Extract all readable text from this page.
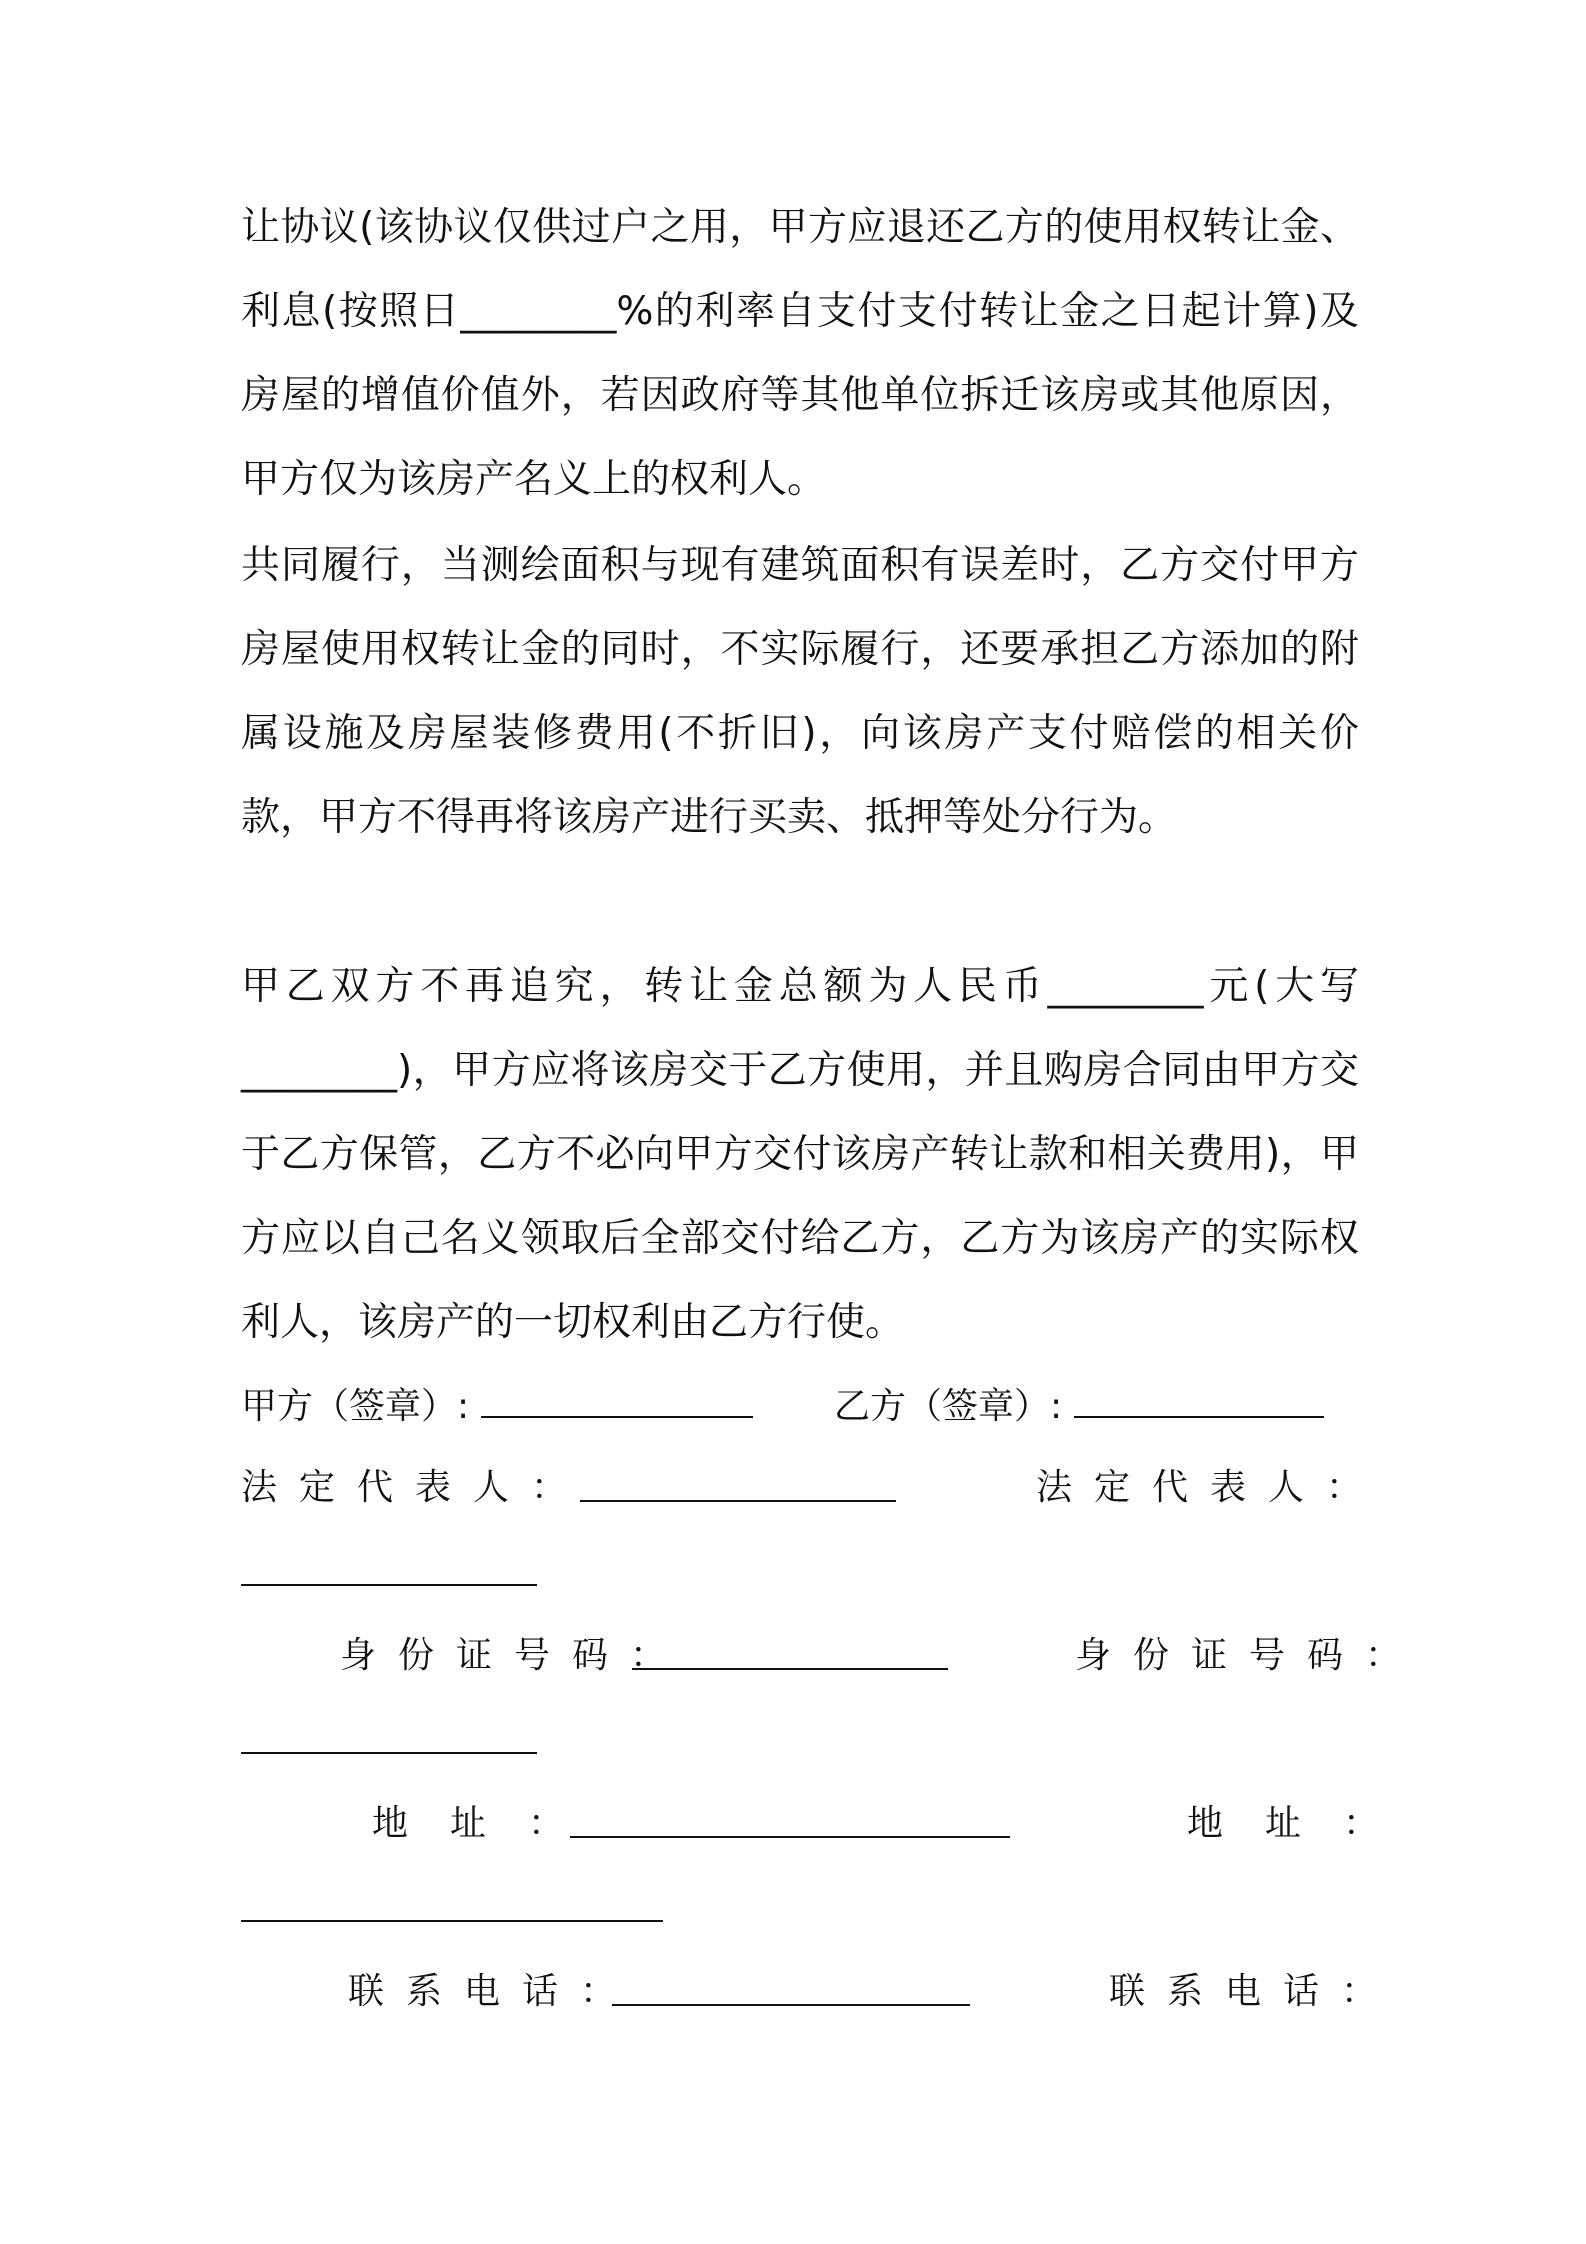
让协议(该协议仅供过户之用，甲方应退还乙方的使用权转让金、利息(按照日________%的利率自支付支付转让金之日起计算)及房屋的增值价值外，若因政府等其他单位拆迁该房或其他原因，甲方仅为该房产名义上的权利人。

共同履行，当测绘面积与现有建筑面积有误差时，乙方交付甲方房屋使用权转让金的同时，不实际履行，还要承担乙方添加的附属设施及房屋装修费用(不折旧)，向该房产支付赔偿的相关价款，甲方不得再将该房产进行买卖、抵押等处分行为。

甲乙双方不再追究，转让金总额为人民币________元(大写________)，甲方应将该房交于乙方使用，并且购房合同由甲方交于乙方保管，乙方不必向甲方交付该房产转让款和相关费用)，甲方应以自己名义领取后全部交付给乙方，乙方为该房产的实际权利人，该房产的一切权利由乙方行使。

甲方（签章）:	乙方（签章）:
法定代表人：	法定代表人：
身份证号码：	身份证号码：
地址：	地址：
联系电话：	联系电话：
